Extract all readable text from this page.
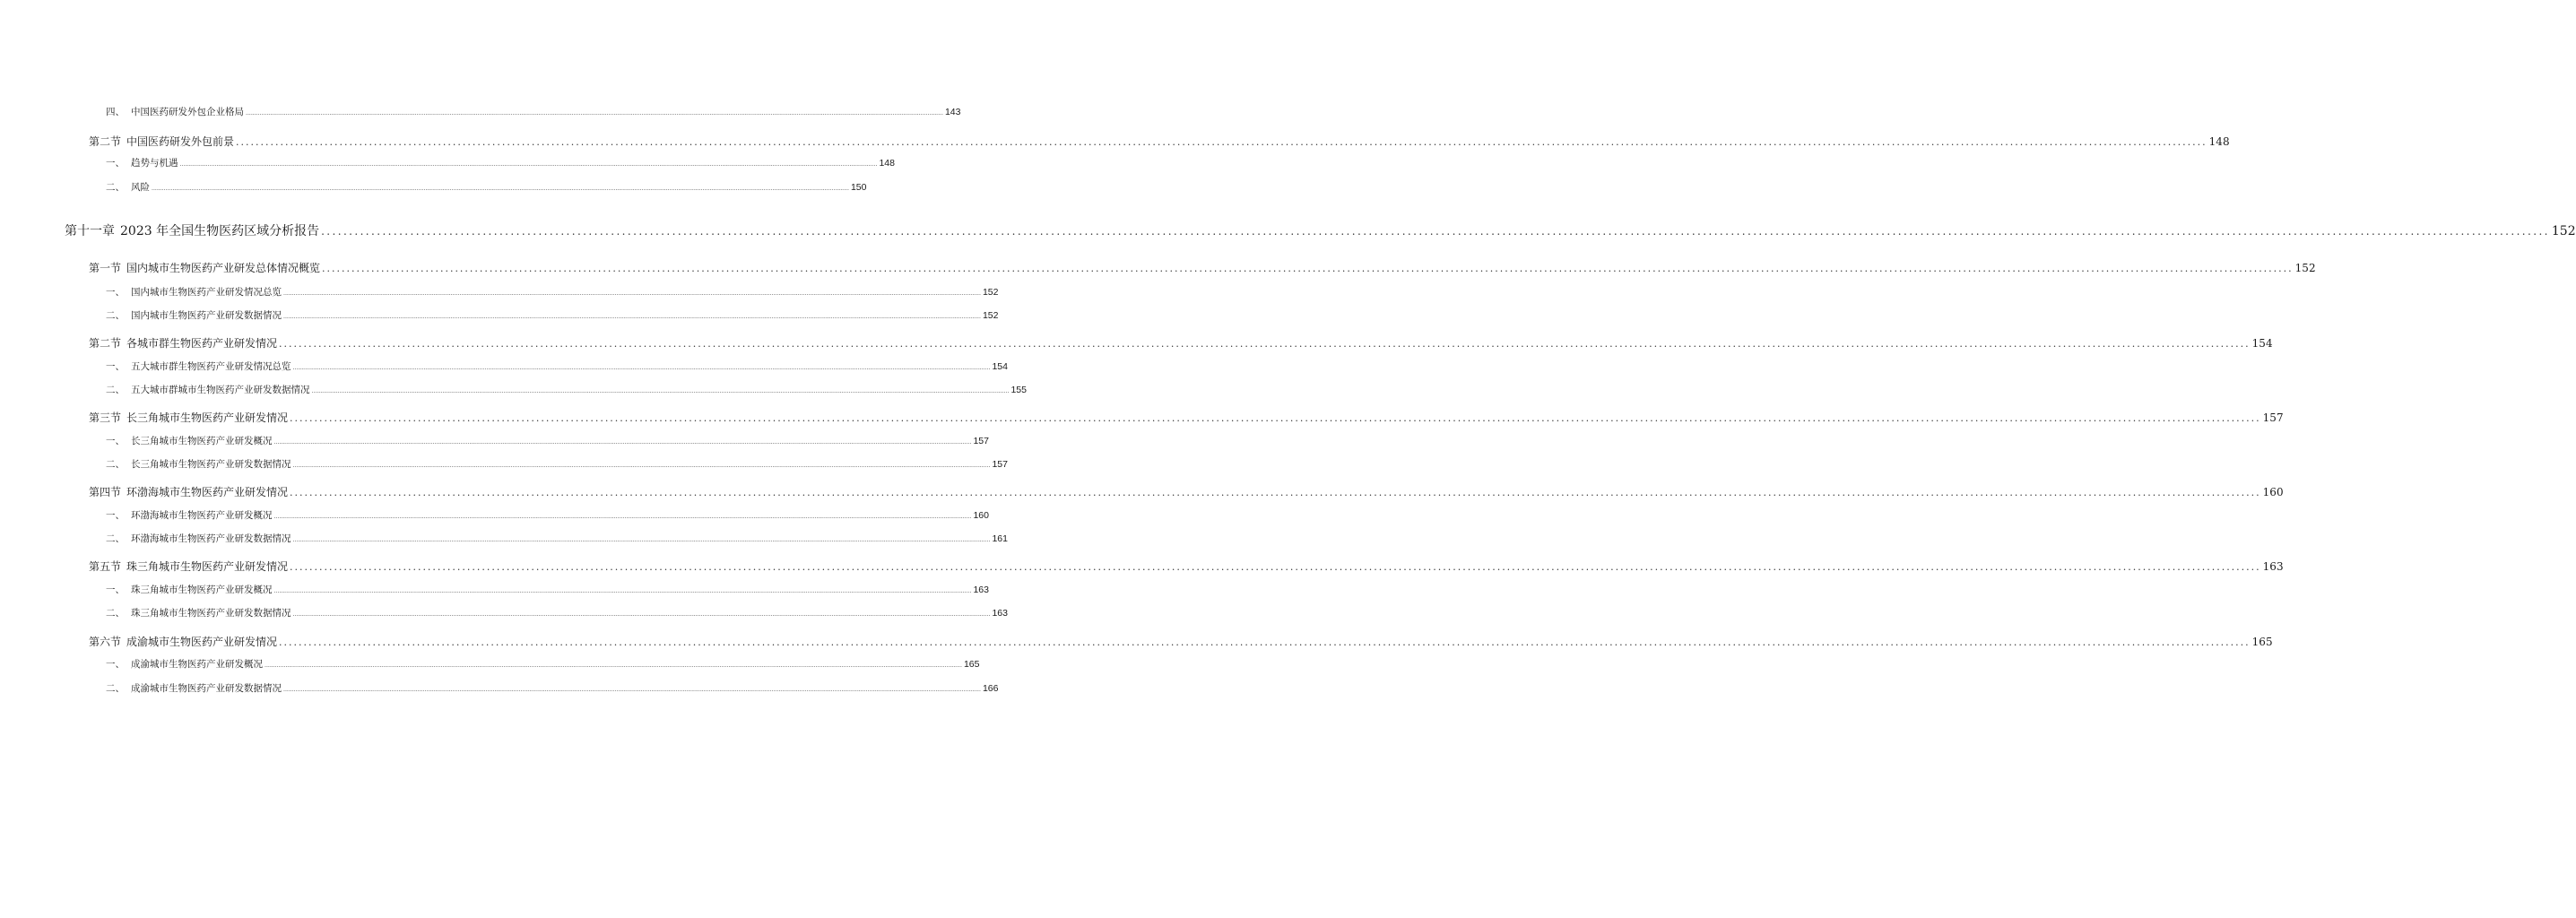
四、 中国医药研发外包企业格局 ................................................................................................................................................................................................................................................................................................................................................................................................................ 143
第二节 中国医药研发外包前景 ................................................................................................................................................................................................................................................................................................................................................................................................................ 148
一、 趋势与机遇 ................................................................................................................................................................................................................................................................................................................................................................................................................ 148
二、 风险 ................................................................................................................................................................................................................................................................................................................................................................................................................ 150
第十一章 2023 年全国生物医药区域分析报告 ................................................................................................................................................................................................................................................................................................................................................................................................................ 152
第一节 国内城市生物医药产业研发总体情况概览 ................................................................................................................................................................................................................................................................................................................................................................................................................ 152
一、 国内城市生物医药产业研发情况总览 ................................................................................................................................................................................................................................................................................................................................................................................................................ 152
二、 国内城市生物医药产业研发数据情况 ................................................................................................................................................................................................................................................................................................................................................................................................................ 152
第二节 各城市群生物医药产业研发情况 ................................................................................................................................................................................................................................................................................................................................................................................................................ 154
一、 五大城市群生物医药产业研发情况总览 ................................................................................................................................................................................................................................................................................................................................................................................................................ 154
二、 五大城市群城市生物医药产业研发数据情况 ................................................................................................................................................................................................................................................................................................................................................................................................................ 155
第三节 长三角城市生物医药产业研发情况 ................................................................................................................................................................................................................................................................................................................................................................................................................ 157
一、 长三角城市生物医药产业研发概况 ................................................................................................................................................................................................................................................................................................................................................................................................................ 157
二、 长三角城市生物医药产业研发数据情况 ................................................................................................................................................................................................................................................................................................................................................................................................................ 157
第四节 环渤海城市生物医药产业研发情况 ................................................................................................................................................................................................................................................................................................................................................................................................................ 160
一、 环渤海城市生物医药产业研发概况 ................................................................................................................................................................................................................................................................................................................................................................................................................ 160
二、 环渤海城市生物医药产业研发数据情况 ................................................................................................................................................................................................................................................................................................................................................................................................................ 161
第五节 珠三角城市生物医药产业研发情况 ................................................................................................................................................................................................................................................................................................................................................................................................................ 163
一、 珠三角城市生物医药产业研发概况 ................................................................................................................................................................................................................................................................................................................................................................................................................ 163
二、 珠三角城市生物医药产业研发数据情况 ................................................................................................................................................................................................................................................................................................................................................................................................................ 163
第六节 成渝城市生物医药产业研发情况 ................................................................................................................................................................................................................................................................................................................................................................................................................ 165
一、 成渝城市生物医药产业研发概况 ................................................................................................................................................................................................................................................................................................................................................................................................................ 165
二、 成渝城市生物医药产业研发数据情况 ................................................................................................................................................................................................................................................................................................................................................................................................................ 166
